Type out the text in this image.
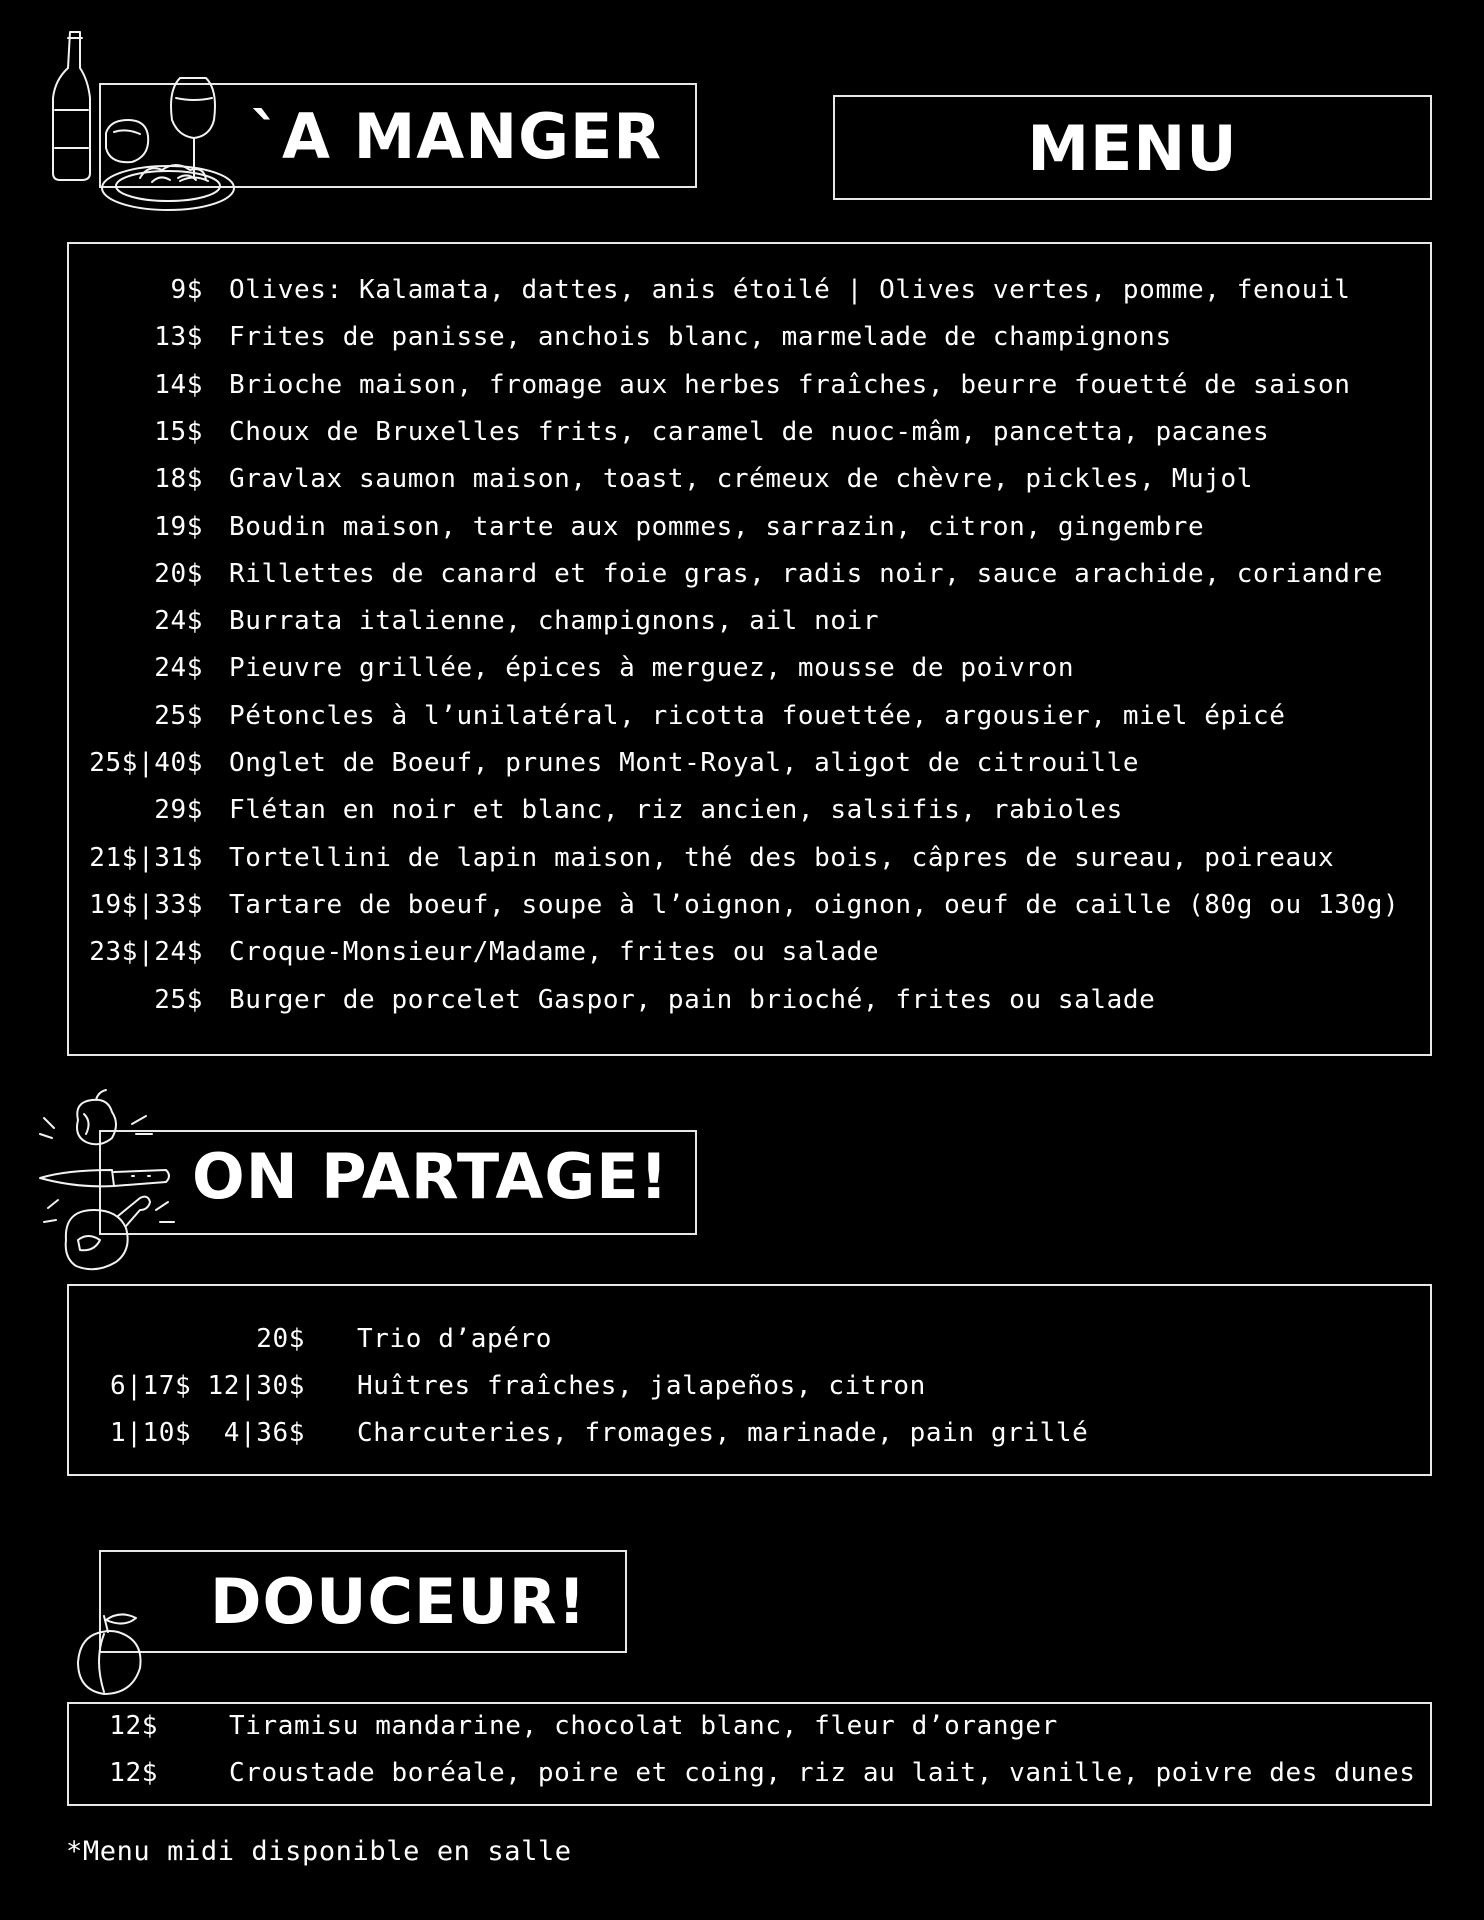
`A MANGER	MENU
9$ Olives: Kalamata, dattes, anis étoilé | Olives vertes, pomme, fenouil
13$ Frites de panisse, anchois blanc, marmelade de champignons
14$ Brioche maison, fromage aux herbes fraîches, beurre fouetté de saison
15$ Choux de Bruxelles frits, caramel de nuoc-mâm, pancetta, pacanes
18$ Gravlax saumon maison, toast, crémeux de chèvre, pickles, Mujol
19$ Boudin maison, tarte aux pommes, sarrazin, citron, gingembre
20$ Rillettes de canard et foie gras, radis noir, sauce arachide, coriandre
24$ Burrata italienne, champignons, ail noir
24$ Pieuvre grillée, épices à merguez, mousse de poivron
25$ Pétoncles à l’unilatéral, ricotta fouettée, argousier, miel épicé
25$|40$ Onglet de Boeuf, prunes Mont-Royal, aligot de citrouille
29$ Flétan en noir et blanc, riz ancien, salsifis, rabioles
21$|31$ Tortellini de lapin maison, thé des bois, câpres de sureau, poireaux
19$|33$ Tartare de boeuf, soupe à l’oignon, oignon, oeuf de caille (80g ou 130g)
23$|24$ Croque-Monsieur/Madame, frites ou salade
25$ Burger de porcelet Gaspor, pain brioché, frites ou salade
ON PARTAGE!
20$ Trio d’apéro
6|17$ 12|30$ Huîtres fraîches, jalapeños, citron
1|10$  4|36$ Charcuteries, fromages, marinade, pain grillé
DOUCEUR!
12$	Tiramisu mandarine, chocolat blanc, fleur d’oranger
12$	Croustade boréale, poire et coing, riz au lait, vanille, poivre des dunes
*Menu midi disponible en salle
